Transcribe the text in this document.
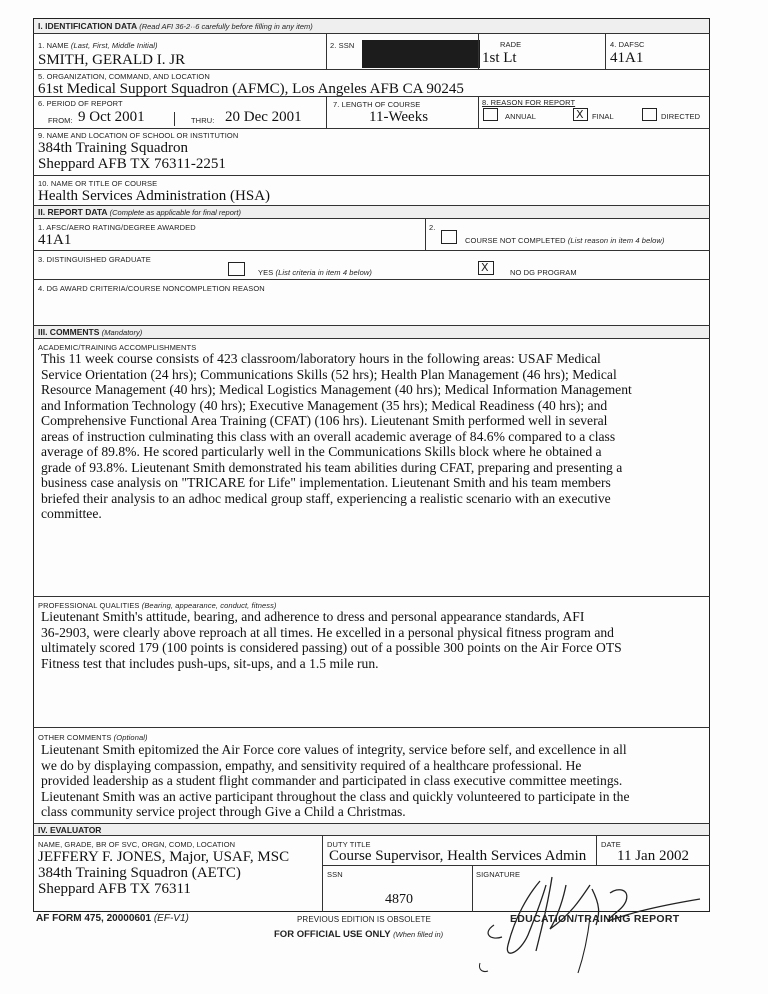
I. IDENTIFICATION DATA (Read AFI 36-2··6 carefully before filling in any item)
1. NAME (Last, First, Middle Initial)
SMITH, GERALD I. JR
2. SSN	RADE
1st Lt
4. DAFSC
41A1
5. ORGANIZATION, COMMAND, AND LOCATION
61st Medical Support Squadron (AFMC), Los Angeles AFB CA 90245
6. PERIOD OF REPORT
FROM: 9 Oct 2001	THRU: 20 Dec 2001
7. LENGTH OF COURSE
11-Weeks
8. REASON FOR REPORT
ANNUAL	X FINAL	DIRECTED
9. NAME AND LOCATION OF SCHOOL OR INSTITUTION
384th Training Squadron
Sheppard AFB TX 76311-2251
10. NAME OR TITLE OF COURSE
Health Services Administration (HSA)
II. REPORT DATA (Complete as applicable for final report)
1. AFSC/AERO RATING/DEGREE AWARDED
41A1
2.
COURSE NOT COMPLETED (List reason in item 4 below)
3. DISTINGUISHED GRADUATE
YES (List criteria in item 4 below)	X	NO DG PROGRAM
4. DG AWARD CRITERIA/COURSE NONCOMPLETION REASON
III. COMMENTS (Mandatory)
ACADEMIC/TRAINING ACCOMPLISHMENTS
This 11 week course consists of 423 classroom/laboratory hours in the following areas: USAF Medical
Service Orientation (24 hrs); Communications Skills (52 hrs); Health Plan Management (46 hrs); Medical
Resource Management (40 hrs); Medical Logistics Management (40 hrs); Medical Information Management
and Information Technology (40 hrs); Executive Management (35 hrs); Medical Readiness (40 hrs); and
Comprehensive Functional Area Training (CFAT) (106 hrs). Lieutenant Smith performed well in several
areas of instruction culminating this class with an overall academic average of 84.6% compared to a class
average of 89.8%. He scored particularly well in the Communications Skills block where he obtained a
grade of 93.8%. Lieutenant Smith demonstrated his team abilities during CFAT, preparing and presenting a
business case analysis on "TRICARE for Life" implementation. Lieutenant Smith and his team members
briefed their analysis to an adhoc medical group staff, experiencing a realistic scenario with an executive
committee.
PROFESSIONAL QUALITIES (Bearing, appearance, conduct, fitness)
Lieutenant Smith's attitude, bearing, and adherence to dress and personal appearance standards, AFI
36-2903, were clearly above reproach at all times. He excelled in a personal physical fitness program and
ultimately scored 179 (100 points is considered passing) out of a possible 300 points on the Air Force OTS
Fitness test that includes push-ups, sit-ups, and a 1.5 mile run.
OTHER COMMENTS (Optional)
Lieutenant Smith epitomized the Air Force core values of integrity, service before self, and excellence in all
we do by displaying compassion, empathy, and sensitivity required of a healthcare professional. He
provided leadership as a student flight commander and participated in class executive committee meetings.
Lieutenant Smith was an active participant throughout the class and quickly volunteered to participate in the
class community service project through Give a Child a Christmas.
IV. EVALUATOR
NAME, GRADE, BR OF SVC, ORGN, COMD, LOCATION
JEFFERY F. JONES, Major, USAF, MSC
384th Training Squadron (AETC)
Sheppard AFB TX 76311
DUTY TITLE
Course Supervisor, Health Services Admin
DATE
11 Jan 2002
SSN
4870
SIGNATURE
AF FORM 475, 20000601 (EF-V1)	PREVIOUS EDITION IS OBSOLETE
FOR OFFICIAL USE ONLY (When filled in)
EDUCATION/TRAINING REPORT
